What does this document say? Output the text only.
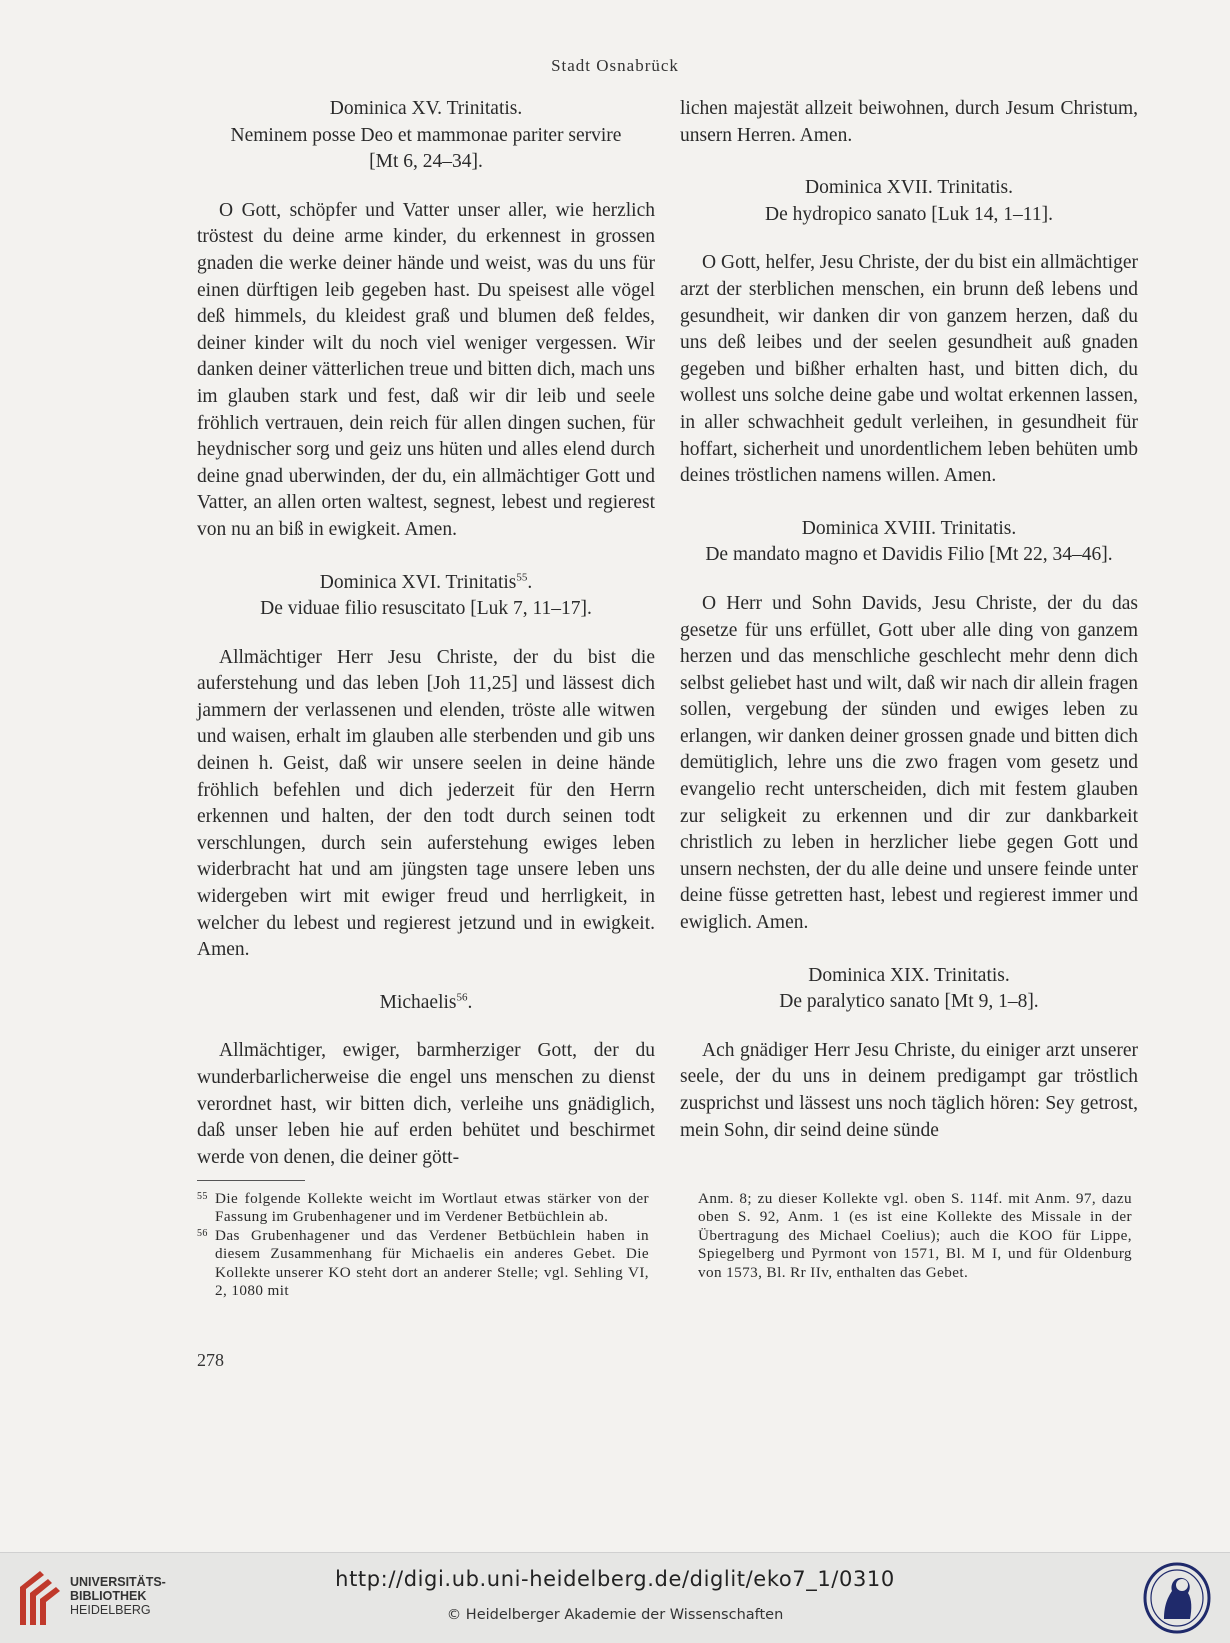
Stadt Osnabrück
Dominica XV. Trinitatis.
Neminem posse Deo et mammonae pariter servire
[Mt 6, 24–34].

O Gott, schöpfer und Vatter unser aller, wie herzlich tröstest du deine arme kinder, du erkennest in grossen gnaden die werke deiner hände und weist, was du uns für einen dürftigen leib gegeben hast. Du speisest alle vögel deß himmels, du kleidest graß und blumen deß feldes, deiner kinder wilt du noch viel weniger vergessen. Wir danken deiner vätterlichen treue und bitten dich, mach uns im glauben stark und fest, daß wir dir leib und seele fröhlich vertrauen, dein reich für allen dingen suchen, für heydnischer sorg und geiz uns hüten und alles elend durch deine gnad uberwinden, der du, ein allmächtiger Gott und Vatter, an allen orten waltest, segnest, lebest und regierest von nu an biß in ewigkeit. Amen.

Dominica XVI. Trinitatis$^{55}$.
De viduae filio resuscitato [Luk 7, 11–17].

Allmächtiger Herr Jesu Christe, der du bist die auferstehung und das leben [Joh 11,25] und lässest dich jammern der verlassenen und elenden, tröste alle witwen und waisen, erhalt im glauben alle sterbenden und gib uns deinen h. Geist, daß wir unsere seelen in deine hände fröhlich befehlen und dich jederzeit für den Herrn erkennen und halten, der den todt durch seinen todt verschlungen, durch sein auferstehung ewiges leben widerbracht hat und am jüngsten tage unsere leben uns widergeben wirt mit ewiger freud und herrligkeit, in welcher du lebest und regierest jetzund und in ewigkeit. Amen.

Michaelis$^{56}$.

Allmächtiger, ewiger, barmherziger Gott, der du wunderbarlicherweise die engel uns menschen zu dienst verordnet hast, wir bitten dich, verleihe uns gnädiglich, daß unser leben hie auf erden behütet und beschirmet werde von denen, die deiner gött-

lichen majestät allzeit beiwohnen, durch Jesum Christum, unsern Herren. Amen.

Dominica XVII. Trinitatis.
De hydropico sanato [Luk 14, 1–11].

O Gott, helfer, Jesu Christe, der du bist ein allmächtiger arzt der sterblichen menschen, ein brunn deß lebens und gesundheit, wir danken dir von ganzem herzen, daß du uns deß leibes und der seelen gesundheit auß gnaden gegeben und bißher erhalten hast, und bitten dich, du wollest uns solche deine gabe und woltat erkennen lassen, in aller schwachheit gedult verleihen, in gesundheit für hoffart, sicherheit und unordentlichem leben behüten umb deines tröstlichen namens willen. Amen.

Dominica XVIII. Trinitatis.
De mandato magno et Davidis Filio [Mt 22, 34–46].

O Herr und Sohn Davids, Jesu Christe, der du das gesetze für uns erfüllet, Gott uber alle ding von ganzem herzen und das menschliche geschlecht mehr denn dich selbst geliebet hast und wilt, daß wir nach dir allein fragen sollen, vergebung der sünden und ewiges leben zu erlangen, wir danken deiner grossen gnade und bitten dich demütiglich, lehre uns die zwo fragen vom gesetz und evangelio recht unterscheiden, dich mit festem glauben zur seligkeit zu erkennen und dir zur dankbarkeit christlich zu leben in herzlicher liebe gegen Gott und unsern nechsten, der du alle deine und unsere feinde unter deine füsse getretten hast, lebest und regierest immer und ewiglich. Amen.

Dominica XIX. Trinitatis.
De paralytico sanato [Mt 9, 1–8].

Ach gnädiger Herr Jesu Christe, du einiger arzt unserer seele, der du uns in deinem predigampt gar tröstlich zusprichst und lässest uns noch täglich hören: Sey getrost, mein Sohn, dir seind deine sünde

55 Die folgende Kollekte weicht im Wortlaut etwas stärker von der Fassung im Grubenhagener und im Verdener Betbüchlein ab.

56 Das Grubenhagener und das Verdener Betbüchlein haben in diesem Zusammenhang für Michaelis ein anderes Gebet. Die Kollekte unserer KO steht dort an anderer Stelle; vgl. Sehling VI, 2, 1080 mit

Anm. 8; zu dieser Kollekte vgl. oben S. 114f. mit Anm. 97, dazu oben S. 92, Anm. 1 (es ist eine Kollekte des Missale in der Übertragung des Michael Coelius); auch die KOO für Lippe, Spiegelberg und Pyrmont von 1571, Bl. M I, und für Oldenburg von 1573, Bl. Rr IIv, enthalten das Gebet.

278
UNIVERSITÄTS-
BIBLIOTHEK
HEIDELBERG
http://digi.ub.uni-heidelberg.de/diglit/eko7_1/0310
© Heidelberger Akademie der Wissenschaften
